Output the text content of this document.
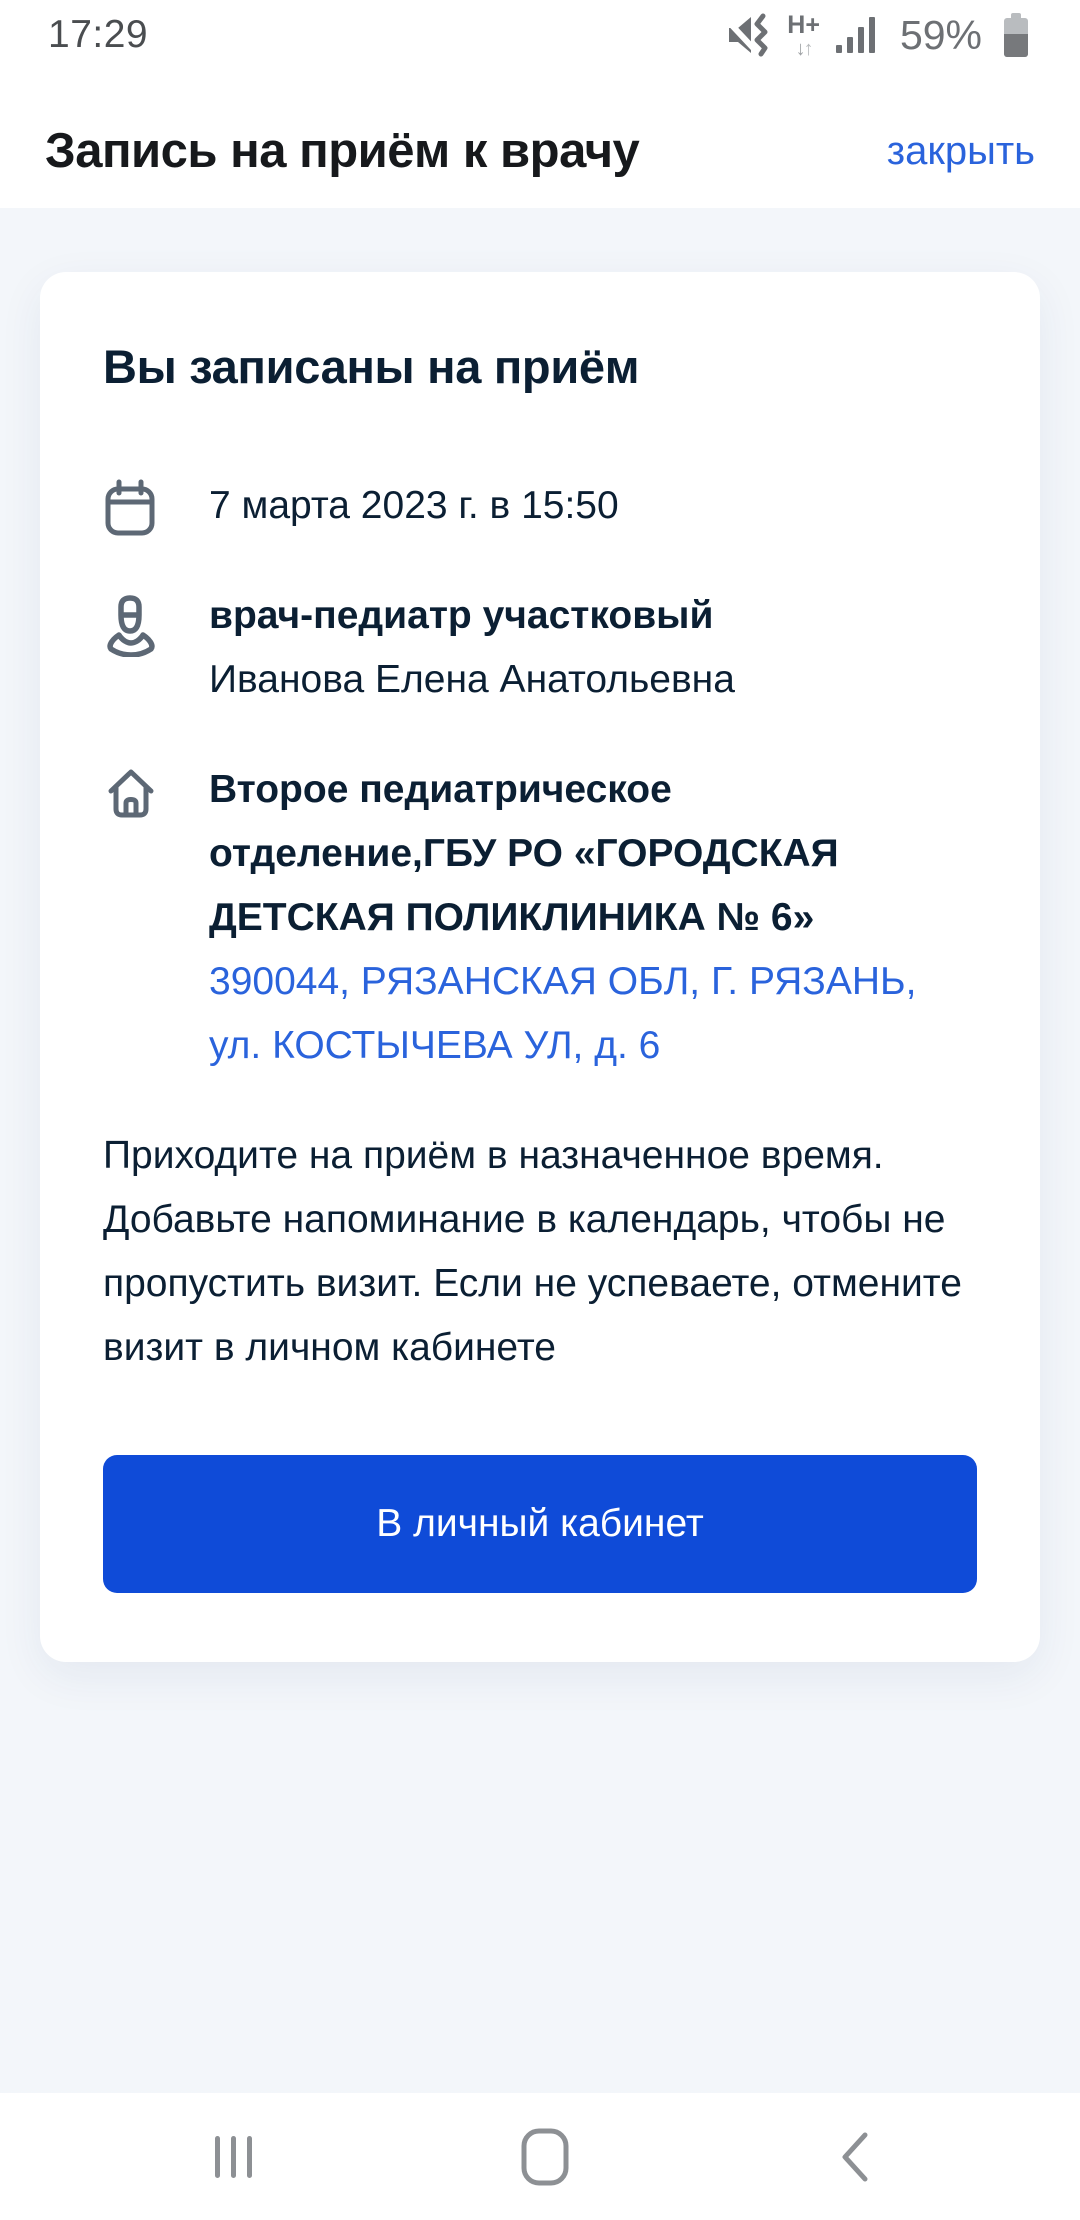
17:29	H+
↓↑ 59%
Запись на приём к врачу	закрыть
Вы записаны на приём
7 марта 2023 г. в 15:50
врач-педиатр участковый
Иванова Елена Анатольевна
Второе педиатрическое отделение,ГБУ РО «ГОРОДСКАЯ ДЕТСКАЯ ПОЛИКЛИНИКА № 6»
390044, РЯЗАНСКАЯ ОБЛ, Г. РЯЗАНЬ, ул. КОСТЫЧЕВА УЛ, д. 6

Приходите на приём в назначенное время. Добавьте напоминание в календарь, чтобы не пропустить визит. Если не успеваете, отмените визит в личном кабинете

В личный кабинет
